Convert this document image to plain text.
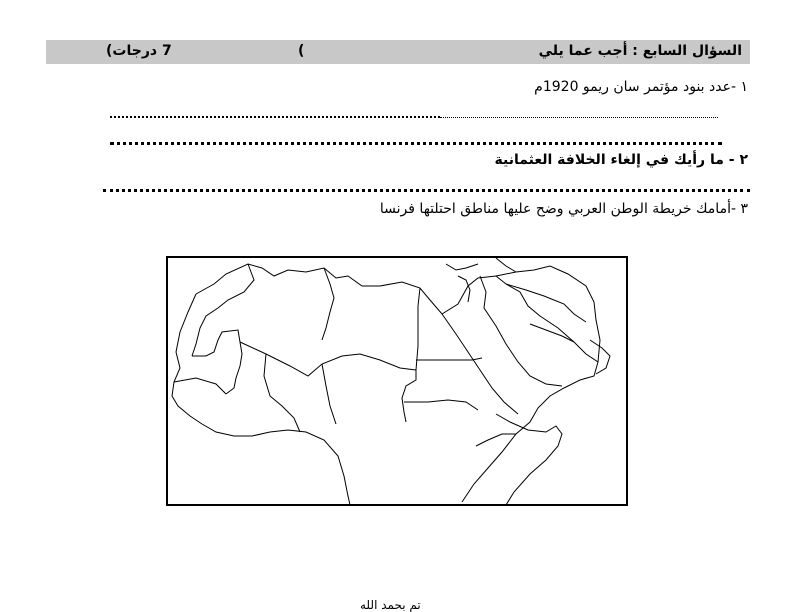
السؤال السابع : أجب عما يلي
(
7 درجات)
١ -عدد بنود مؤتمر سان ريمو 1920م
٢ - ما رأيك في إلغاء الخلافة العثمانية
٣ -أمامك خريطة الوطن العربي وضح عليها مناطق احتلتها فرنسا
تم بحمد الله
